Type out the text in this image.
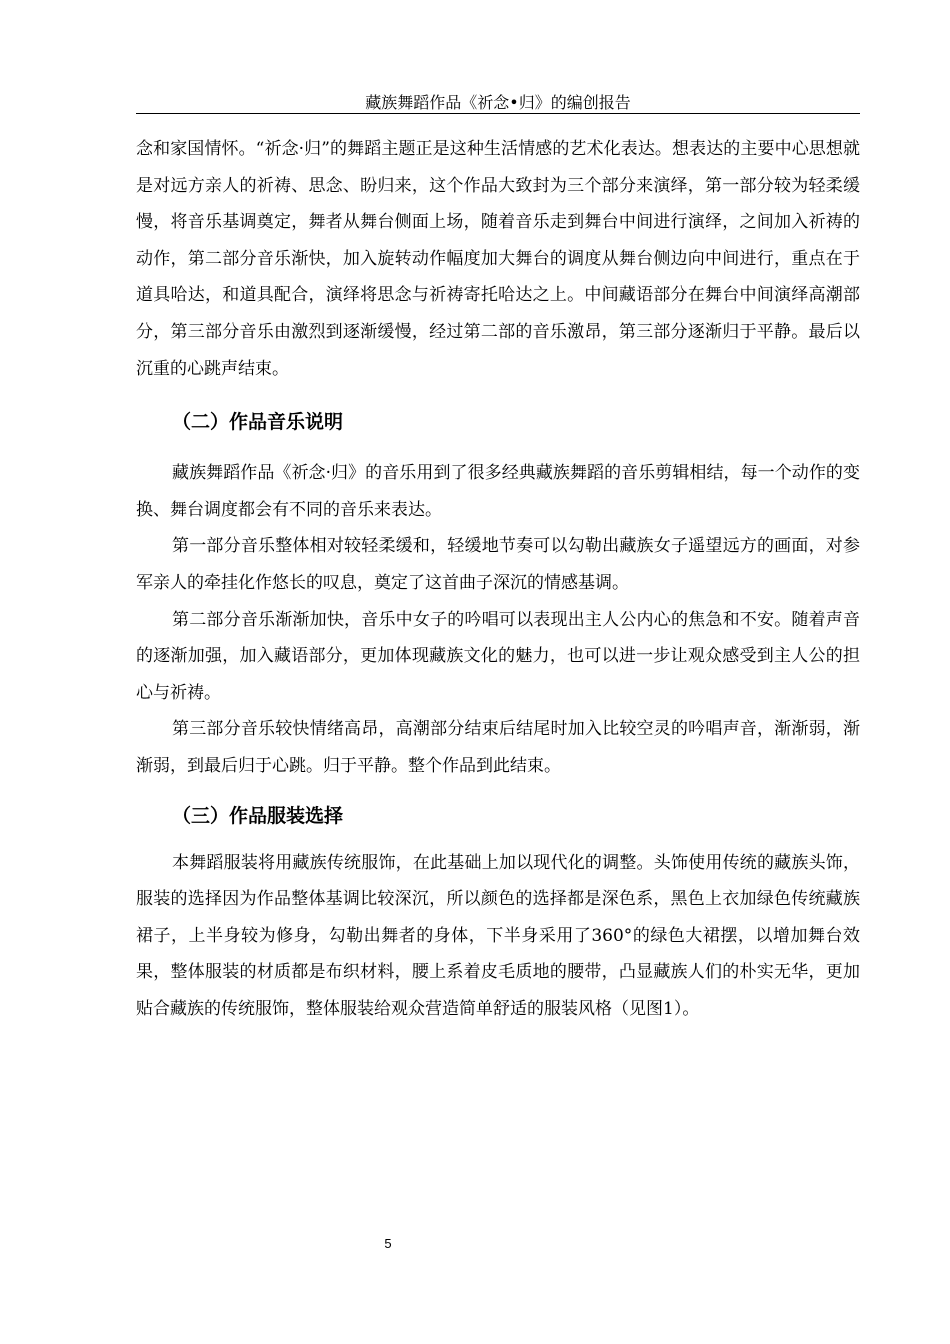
藏族舞蹈作品《祈念•归》的编创报告

念和家国情怀。“祈念·归”的舞蹈主题正是这种生活情感的艺术化表达。想表达的主要中心思想就是对远方亲人的祈祷、思念、盼归来，这个作品大致封为三个部分来演绎，第一部分较为轻柔缓慢，将音乐基调奠定，舞者从舞台侧面上场，随着音乐走到舞台中间进行演绎，之间加入祈祷的动作，第二部分音乐渐快，加入旋转动作幅度加大舞台的调度从舞台侧边向中间进行，重点在于道具哈达，和道具配合，演绎将思念与祈祷寄托哈达之上。中间藏语部分在舞台中间演绎高潮部分，第三部分音乐由激烈到逐渐缓慢，经过第二部的音乐激昂，第三部分逐渐归于平静。最后以沉重的心跳声结束。

（二）作品音乐说明

藏族舞蹈作品《祈念·归》的音乐用到了很多经典藏族舞蹈的音乐剪辑相结，每一个动作的变换、舞台调度都会有不同的音乐来表达。

第一部分音乐整体相对较轻柔缓和，轻缓地节奏可以勾勒出藏族女子遥望远方的画面，对参军亲人的牵挂化作悠长的叹息，奠定了这首曲子深沉的情感基调。

第二部分音乐渐渐加快，音乐中女子的吟唱可以表现出主人公内心的焦急和不安。随着声音的逐渐加强，加入藏语部分，更加体现藏族文化的魅力，也可以进一步让观众感受到主人公的担心与祈祷。

第三部分音乐较快情绪高昂，高潮部分结束后结尾时加入比较空灵的吟唱声音，渐渐弱，渐渐弱，到最后归于心跳。归于平静。整个作品到此结束。

（三）作品服装选择

本舞蹈服装将用藏族传统服饰，在此基础上加以现代化的调整。头饰使用传统的藏族头饰，服装的选择因为作品整体基调比较深沉，所以颜色的选择都是深色系，黑色上衣加绿色传统藏族裙子，上半身较为修身，勾勒出舞者的身体，下半身采用了360°的绿色大裙摆，以增加舞台效果，整体服装的材质都是布织材料，腰上系着皮毛质地的腰带，凸显藏族人们的朴实无华，更加贴合藏族的传统服饰，整体服装给观众营造简单舒适的服装风格（见图1）。

5
